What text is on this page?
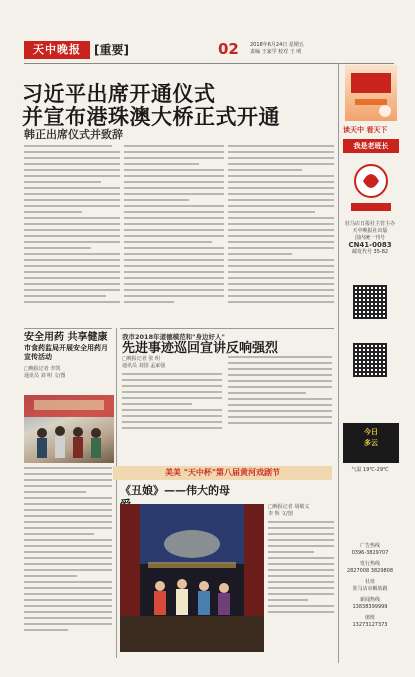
天中晚报	[重要]	02 2018年6月24日 星期五
责编 王家学 校对 王 明
习近平出席开通仪式
并宣布港珠澳大桥正式开通
韩正出席仪式并致辞
安全用药 共享健康
市食药监局开展安全用药月
宣传活动
□晚报记者 李凯
通讯员 刘 明 文/图
我市2018年道德模范和"身边好人"
先进事迹巡回宣讲反响强烈
□晚报记者 张 明
通讯员 刘国 孟家强
美美 "天中杯"第八届黄河戏剧节
《丑娘》——伟大的母
□晚报记者 胡敏义
李 辉 文/图
读天中 看天下
我是老班长
驻马店日报社主管主办
天中晚报社出版
国内统一刊号
CN41-0083
邮发代号 35-82
今日
多云
气温 19℃-29℃
广告热线
0396-3829707
发行热线
2827008 3829808
社址
驻马店市解放路
新闻热线
13838399999
值班
13273127373
